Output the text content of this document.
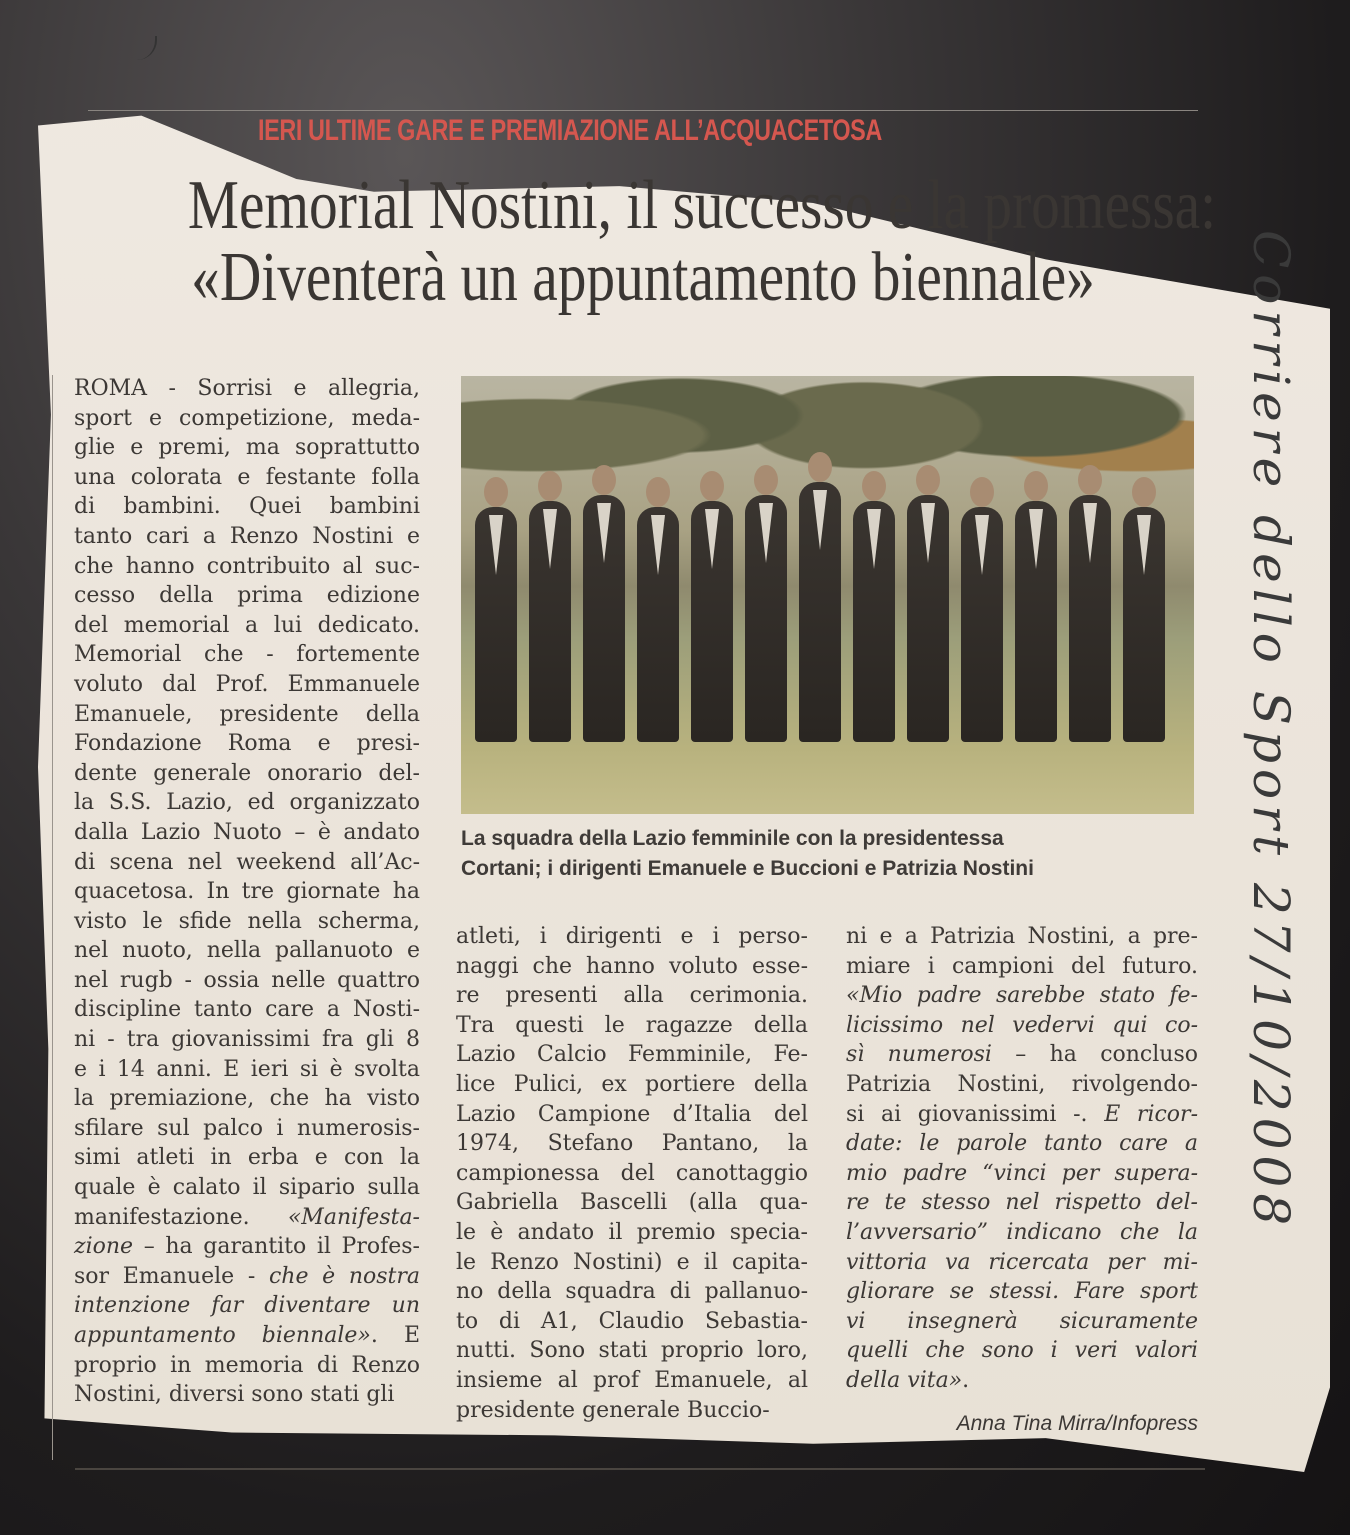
IERI ULTIME GARE E PREMIAZIONE ALL’ACQUACETOSA
Memorial Nostini, il successo e la promessa:
«Diventerà un appuntamento biennale»
La squadra della Lazio femminile con la presidentessa
Cortani; i dirigenti Emanuele e Buccioni e Patrizia Nostini
ROMA - Sorrisi e allegria,
sport e competizione, meda-
glie e premi, ma soprattutto
una colorata e festante folla
di bambini. Quei bambini
tanto cari a Renzo Nostini e
che hanno contribuito al suc-
cesso della prima edizione
del memorial a lui dedicato.
Memorial che - fortemente
voluto dal Prof. Emmanuele
Emanuele, presidente della
Fondazione Roma e presi-
dente generale onorario del-
la S.S. Lazio, ed organizzato
dalla Lazio Nuoto – è andato
di scena nel weekend all’Ac-
quacetosa. In tre giornate ha
visto le sfide nella scherma,
nel nuoto, nella pallanuoto e
nel rugb - ossia nelle quattro
discipline tanto care a Nosti-
ni - tra giovanissimi fra gli 8
e i 14 anni. E ieri si è svolta
la premiazione, che ha visto
sfilare sul palco i numerosis-
simi atleti in erba e con la
quale è calato il sipario sulla
manifestazione. «Manifesta-
zione – ha garantito il Profes-
sor Emanuele - che è nostra
intenzione far diventare un
appuntamento biennale». E
proprio in memoria di Renzo
Nostini, diversi sono stati gli
atleti, i dirigenti e i perso-
naggi che hanno voluto esse-
re presenti alla cerimonia.
Tra questi le ragazze della
Lazio Calcio Femminile, Fe-
lice Pulici, ex portiere della
Lazio Campione d’Italia del
1974, Stefano Pantano, la
campionessa del canottaggio
Gabriella Bascelli (alla qua-
le è andato il premio specia-
le Renzo Nostini) e il capita-
no della squadra di pallanuo-
to di A1, Claudio Sebastia-
nutti. Sono stati proprio loro,
insieme al prof Emanuele, al
presidente generale Buccio-
ni e a Patrizia Nostini, a pre-
miare i campioni del futuro.
«Mio padre sarebbe stato fe-
licissimo nel vedervi qui co-
sì numerosi – ha concluso
Patrizia Nostini, rivolgendo-
si ai giovanissimi -. E ricor-
date: le parole tanto care a
mio padre “vinci per supera-
re te stesso nel rispetto del-
l’avversario” indicano che la
vittoria va ricercata per mi-
gliorare se stessi. Fare sport
vi insegnerà sicuramente
quelli che sono i veri valori
della vita».
Anna Tina Mirra/Infopress
Corriere dello Sport 27/10/2008
